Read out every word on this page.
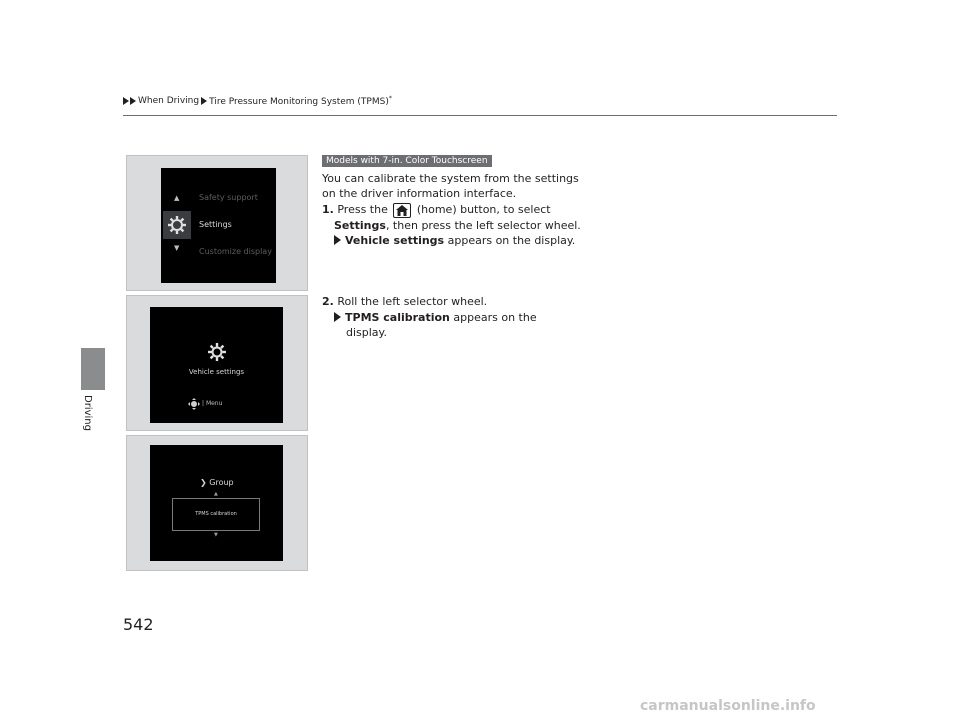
When Driving Tire Pressure Monitoring System (TPMS)*
Driving
542
▲
▼
Safety support
Settings
Customize display
Vehicle settings
| Menu
❯ Group
▲
TPMS calibration
▼
Models with 7-in. Color Touchscreen
You can calibrate the system from the settings
on the driver information interface.
1. Press the	(home) button, to select
Settings, then press the left selector wheel.
Vehicle settings appears on the display.
2. Roll the left selector wheel.
TPMS calibration appears on the
display.
carmanualsonline.info
